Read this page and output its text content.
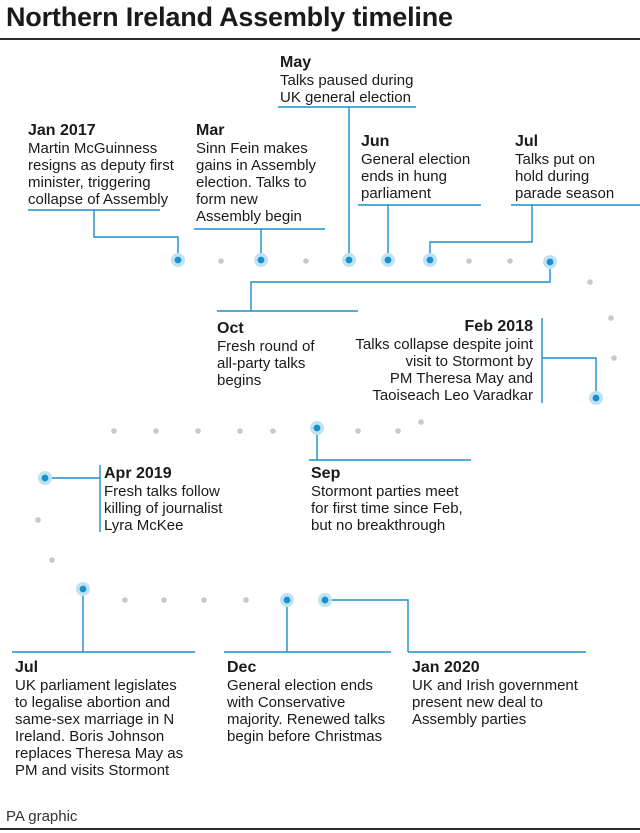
Northern Ireland Assembly timeline
Jan 2017
Martin McGuinness
resigns as deputy first
minister, triggering
collapse of Assembly
Mar
Sinn Fein makes
gains in Assembly
election. Talks to
form new
Assembly begin
May
Talks paused during
UK general election
Jun
General election
ends in hung
parliament
Jul
Talks put on
hold during
parade season
Oct
Fresh round of
all-party talks
begins
Feb 2018
Talks collapse despite joint
visit to Stormont by
PM Theresa May and
Taoiseach Leo Varadkar
Sep
Stormont parties meet
for first time since Feb,
but no breakthrough
Apr 2019
Fresh talks follow
killing of journalist
Lyra McKee
Jul
UK parliament legislates
to legalise abortion and
same-sex marriage in N
Ireland. Boris Johnson
replaces Theresa May as
PM and visits Stormont
Dec
General election ends
with Conservative
majority. Renewed talks
begin before Christmas
Jan 2020
UK and Irish government
present new deal to
Assembly parties
PA graphic
